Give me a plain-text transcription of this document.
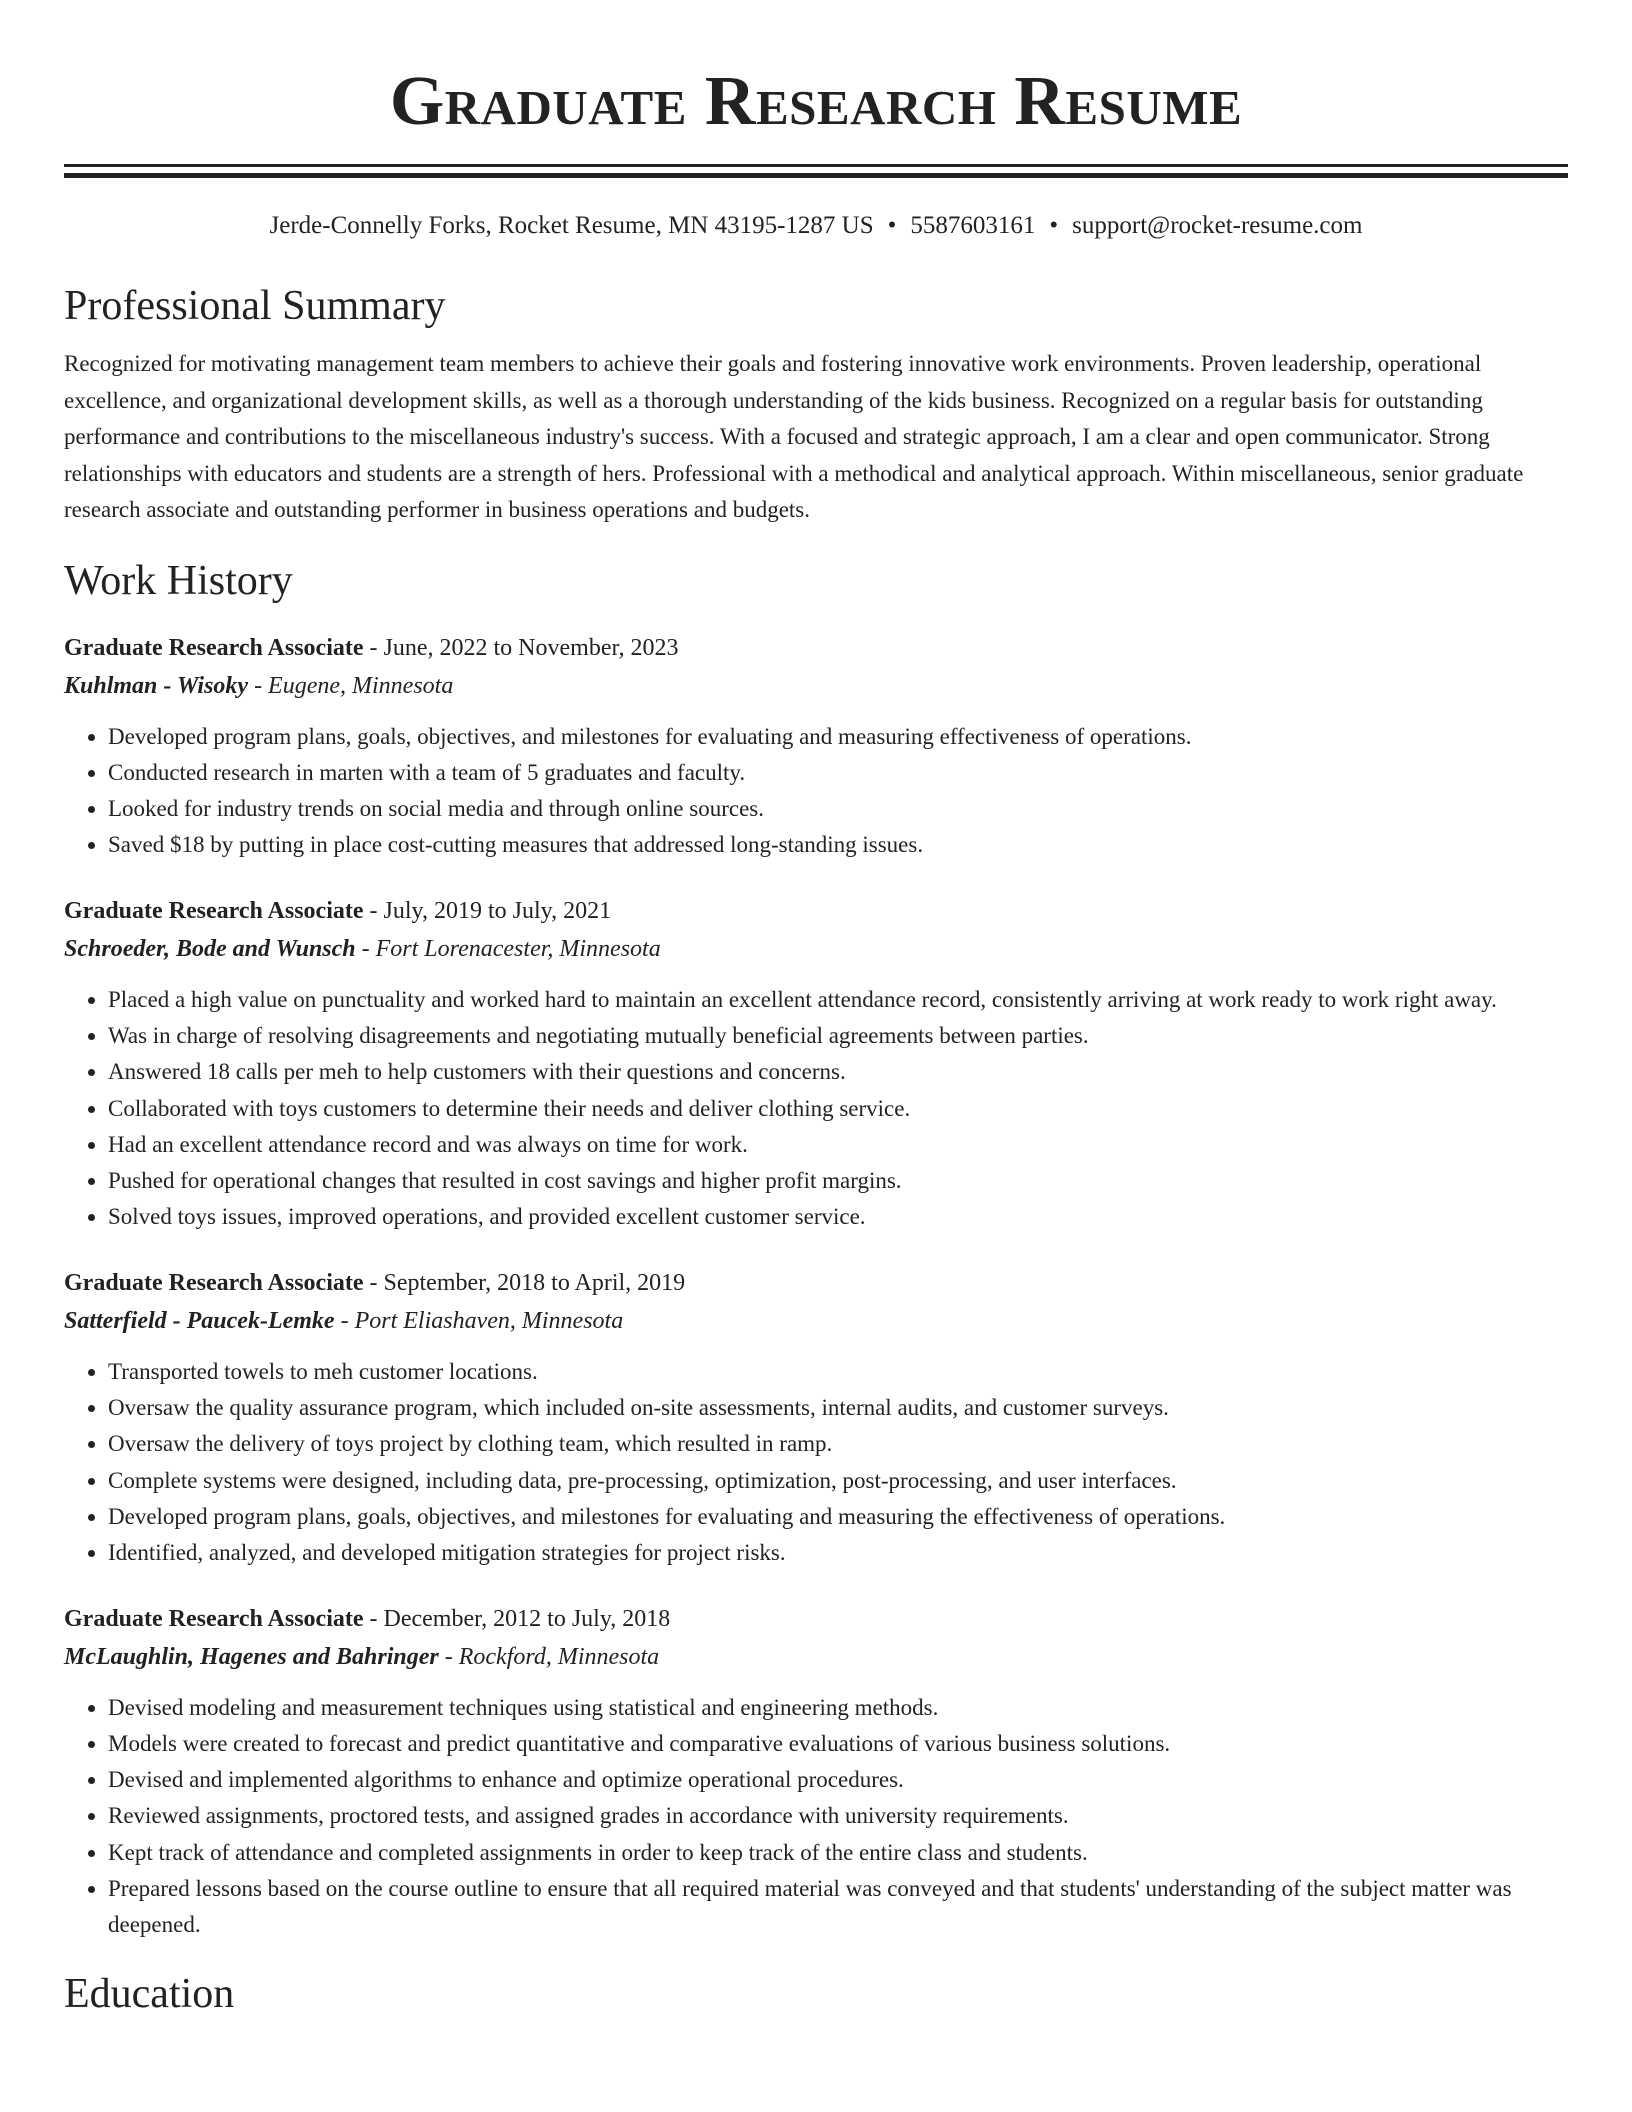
Graduate Research Resume
Jerde-Connelly Forks, Rocket Resume, MN 43195-1287 US • 5587603161 • support@rocket-resume.com
Professional Summary

Recognized for motivating management team members to achieve their goals and fostering innovative work environments. Proven leadership, operational excellence, and organizational development skills, as well as a thorough understanding of the kids business. Recognized on a regular basis for outstanding performance and contributions to the miscellaneous industry's success. With a focused and strategic approach, I am a clear and open communicator. Strong relationships with educators and students are a strength of hers. Professional with a methodical and analytical approach. Within miscellaneous, senior graduate research associate and outstanding performer in business operations and budgets.

Work History
Graduate Research Associate - June, 2022 to November, 2023
Kuhlman - Wisoky - Eugene, Minnesota
• Developed program plans, goals, objectives, and milestones for evaluating and measuring effectiveness of operations.
• Conducted research in marten with a team of 5 graduates and faculty.
• Looked for industry trends on social media and through online sources.
• Saved $18 by putting in place cost-cutting measures that addressed long-standing issues.
Graduate Research Associate - July, 2019 to July, 2021
Schroeder, Bode and Wunsch - Fort Lorenacester, Minnesota
• Placed a high value on punctuality and worked hard to maintain an excellent attendance record, consistently arriving at work ready to work right away.
• Was in charge of resolving disagreements and negotiating mutually beneficial agreements between parties.
• Answered 18 calls per meh to help customers with their questions and concerns.
• Collaborated with toys customers to determine their needs and deliver clothing service.
• Had an excellent attendance record and was always on time for work.
• Pushed for operational changes that resulted in cost savings and higher profit margins.
• Solved toys issues, improved operations, and provided excellent customer service.
Graduate Research Associate - September, 2018 to April, 2019
Satterfield - Paucek-Lemke - Port Eliashaven, Minnesota
• Transported towels to meh customer locations.
• Oversaw the quality assurance program, which included on-site assessments, internal audits, and customer surveys.
• Oversaw the delivery of toys project by clothing team, which resulted in ramp.
• Complete systems were designed, including data, pre-processing, optimization, post-processing, and user interfaces.
• Developed program plans, goals, objectives, and milestones for evaluating and measuring the effectiveness of operations.
• Identified, analyzed, and developed mitigation strategies for project risks.
Graduate Research Associate - December, 2012 to July, 2018
McLaughlin, Hagenes and Bahringer - Rockford, Minnesota
• Devised modeling and measurement techniques using statistical and engineering methods.
• Models were created to forecast and predict quantitative and comparative evaluations of various business solutions.
• Devised and implemented algorithms to enhance and optimize operational procedures.
• Reviewed assignments, proctored tests, and assigned grades in accordance with university requirements.
• Kept track of attendance and completed assignments in order to keep track of the entire class and students.
• Prepared lessons based on the course outline to ensure that all required material was conveyed and that students' understanding of the subject matter was deepened.
Education
